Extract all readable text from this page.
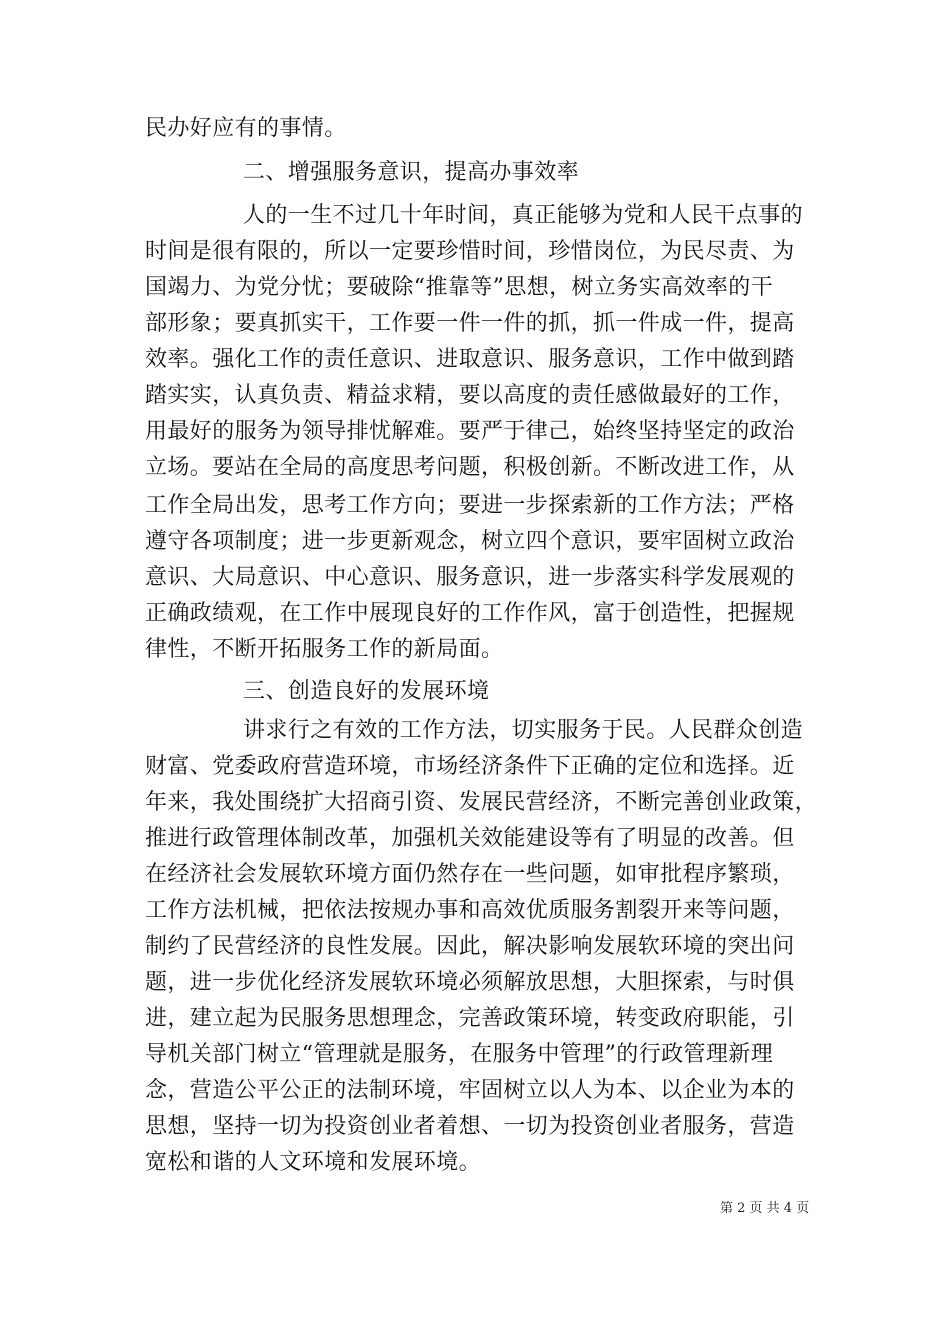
民办好应有的事情。
二、增强服务意识，提高办事效率
人的一生不过几十年时间，真正能够为党和人民干点事的
时间是很有限的，所以一定要珍惜时间，珍惜岗位，为民尽责、为
国竭力、为党分忧；要破除“推靠等”思想，树立务实高效率的干
部形象；要真抓实干，工作要一件一件的抓，抓一件成一件，提高
效率。强化工作的责任意识、进取意识、服务意识，工作中做到踏
踏实实，认真负责、精益求精，要以高度的责任感做最好的工作，
用最好的服务为领导排忧解难。要严于律己，始终坚持坚定的政治
立场。要站在全局的高度思考问题，积极创新。不断改进工作，从
工作全局出发，思考工作方向；要进一步探索新的工作方法；严格
遵守各项制度；进一步更新观念，树立四个意识，要牢固树立政治
意识、大局意识、中心意识、服务意识，进一步落实科学发展观的
正确政绩观，在工作中展现良好的工作作风，富于创造性，把握规
律性，不断开拓服务工作的新局面。
三、创造良好的发展环境
讲求行之有效的工作方法，切实服务于民。人民群众创造
财富、党委政府营造环境，市场经济条件下正确的定位和选择。近
年来，我处围绕扩大招商引资、发展民营经济，不断完善创业政策，
推进行政管理体制改革，加强机关效能建设等有了明显的改善。但
在经济社会发展软环境方面仍然存在一些问题，如审批程序繁琐，
工作方法机械，把依法按规办事和高效优质服务割裂开来等问题，
制约了民营经济的良性发展。因此，解决影响发展软环境的突出问
题，进一步优化经济发展软环境必须解放思想，大胆探索，与时俱
进，建立起为民服务思想理念，完善政策环境，转变政府职能，引
导机关部门树立“管理就是服务，在服务中管理”的行政管理新理
念，营造公平公正的法制环境，牢固树立以人为本、以企业为本的
思想，坚持一切为投资创业者着想、一切为投资创业者服务，营造
宽松和谐的人文环境和发展环境。
第 2 页 共 4 页
